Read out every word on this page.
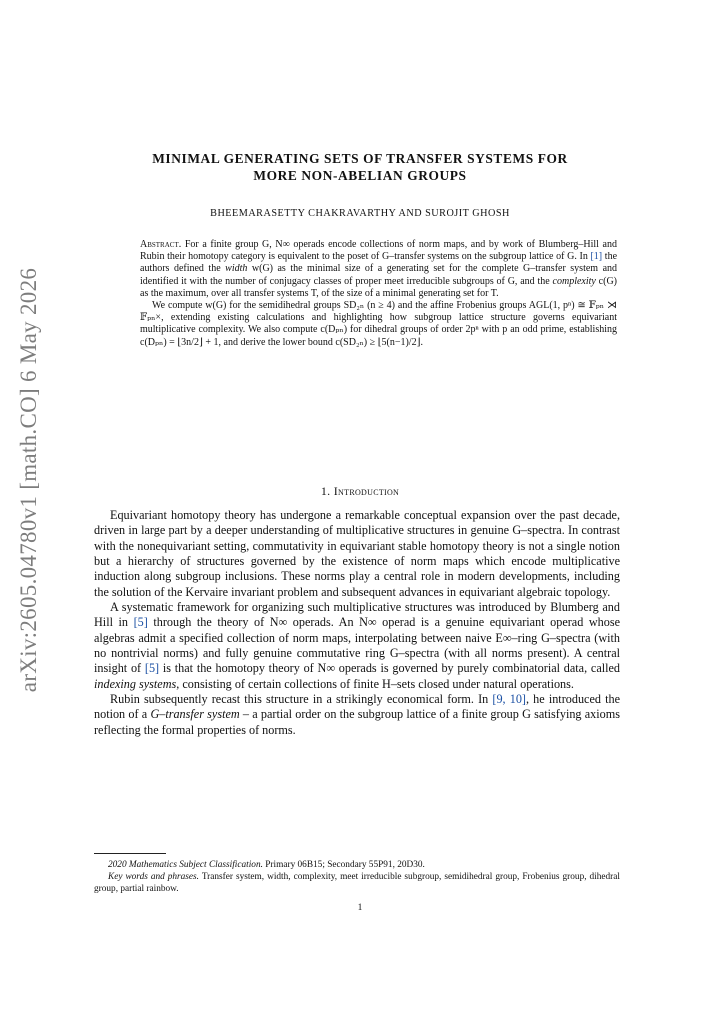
arXiv:2605.04780v1 [math.CO] 6 May 2026
MINIMAL GENERATING SETS OF TRANSFER SYSTEMS FOR
MORE NON-ABELIAN GROUPS
BHEEMARASETTY CHAKRAVARTHY AND SUROJIT GHOSH

Abstract. For a finite group G, N∞ operads encode collections of norm maps, and by work of Blumberg–Hill and Rubin their homotopy category is equivalent to the poset of G–transfer systems on the subgroup lattice of G. In [1] the authors defined the width w(G) as the minimal size of a generating set for the complete G–transfer system and identified it with the number of conjugacy classes of proper meet irreducible subgroups of G, and the complexity c(G) as the maximum, over all transfer systems T, of the size of a minimal generating set for T.

We compute w(G) for the semidihedral groups SD₂ₙ (n ≥ 4) and the affine Frobenius groups AGL(1, pⁿ) ≅ 𝔽ₚₙ ⋊ 𝔽ₚₙ×, extending existing calculations and highlighting how subgroup lattice structure governs equivariant multiplicative complexity. We also compute c(Dₚₙ) for dihedral groups of order 2pⁿ with p an odd prime, establishing c(Dₚₙ) = ⌊3n/2⌋ + 1, and derive the lower bound c(SD₂ₙ) ≥ ⌊5(n−1)/2⌋.

1. Introduction

Equivariant homotopy theory has undergone a remarkable conceptual expansion over the past decade, driven in large part by a deeper understanding of multiplicative structures in genuine G–spectra. In contrast with the nonequivariant setting, commutativity in equivariant stable homotopy theory is not a single notion but a hierarchy of structures governed by the existence of norm maps which encode multiplicative induction along subgroup inclusions. These norms play a central role in modern developments, including the solution of the Kervaire invariant problem and subsequent advances in equivariant algebraic topology.

A systematic framework for organizing such multiplicative structures was introduced by Blumberg and Hill in [5] through the theory of N∞ operads. An N∞ operad is a genuine equivariant operad whose algebras admit a specified collection of norm maps, interpolating between naive E∞–ring G–spectra (with no nontrivial norms) and fully genuine commutative ring G–spectra (with all norms present). A central insight of [5] is that the homotopy theory of N∞ operads is governed by purely combinatorial data, called indexing systems, consisting of certain collections of finite H–sets closed under natural operations.

Rubin subsequently recast this structure in a strikingly economical form. In [9, 10], he introduced the notion of a G–transfer system – a partial order on the subgroup lattice of a finite group G satisfying axioms reflecting the formal properties of norms.

2020 Mathematics Subject Classification. Primary 06B15; Secondary 55P91, 20D30.

Key words and phrases. Transfer system, width, complexity, meet irreducible subgroup, semidihedral group, Frobenius group, dihedral group, partial rainbow.

1
